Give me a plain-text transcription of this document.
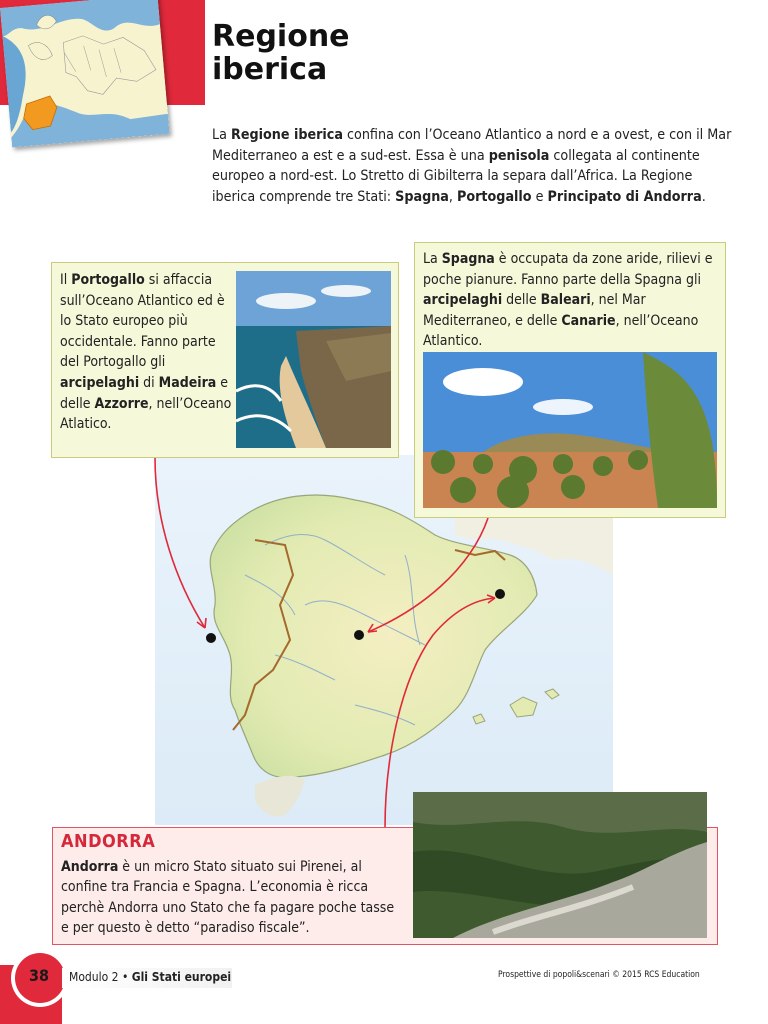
Regione
iberica
La Regione iberica confina con l’Oceano Atlantico a nord e a ovest, e con il Mar Mediterraneo a est e a sud-est. Essa è una penisola collegata al continente europeo a nord-est. Lo Stretto di Gibilterra la separa dall’Africa. La Regione iberica comprende tre Stati: Spagna, Portogallo e Principato di Andorra.
Il Portogallo si affaccia sull’Oceano Atlantico ed è lo Stato europeo più occidentale. Fanno parte del Portogallo gli arcipelaghi di Madeira e delle Azzorre, nell’Oceano Atlatico.
La Spagna è occupata da zone aride, rilievi e poche pianure. Fanno parte della Spagna gli arcipelaghi delle Baleari, nel Mar Mediterraneo, e delle Canarie, nell’Oceano Atlantico.
ANDORRA
Andorra è un micro Stato situato sui Pirenei, al confine tra Francia e Spagna. L’economia è ricca perchè Andorra uno Stato che fa pagare poche tasse e per questo è detto “paradiso fiscale”.
38	Modulo 2 • Gli Stati europei	Prospettive di popoli&scenari © 2015 RCS Education
